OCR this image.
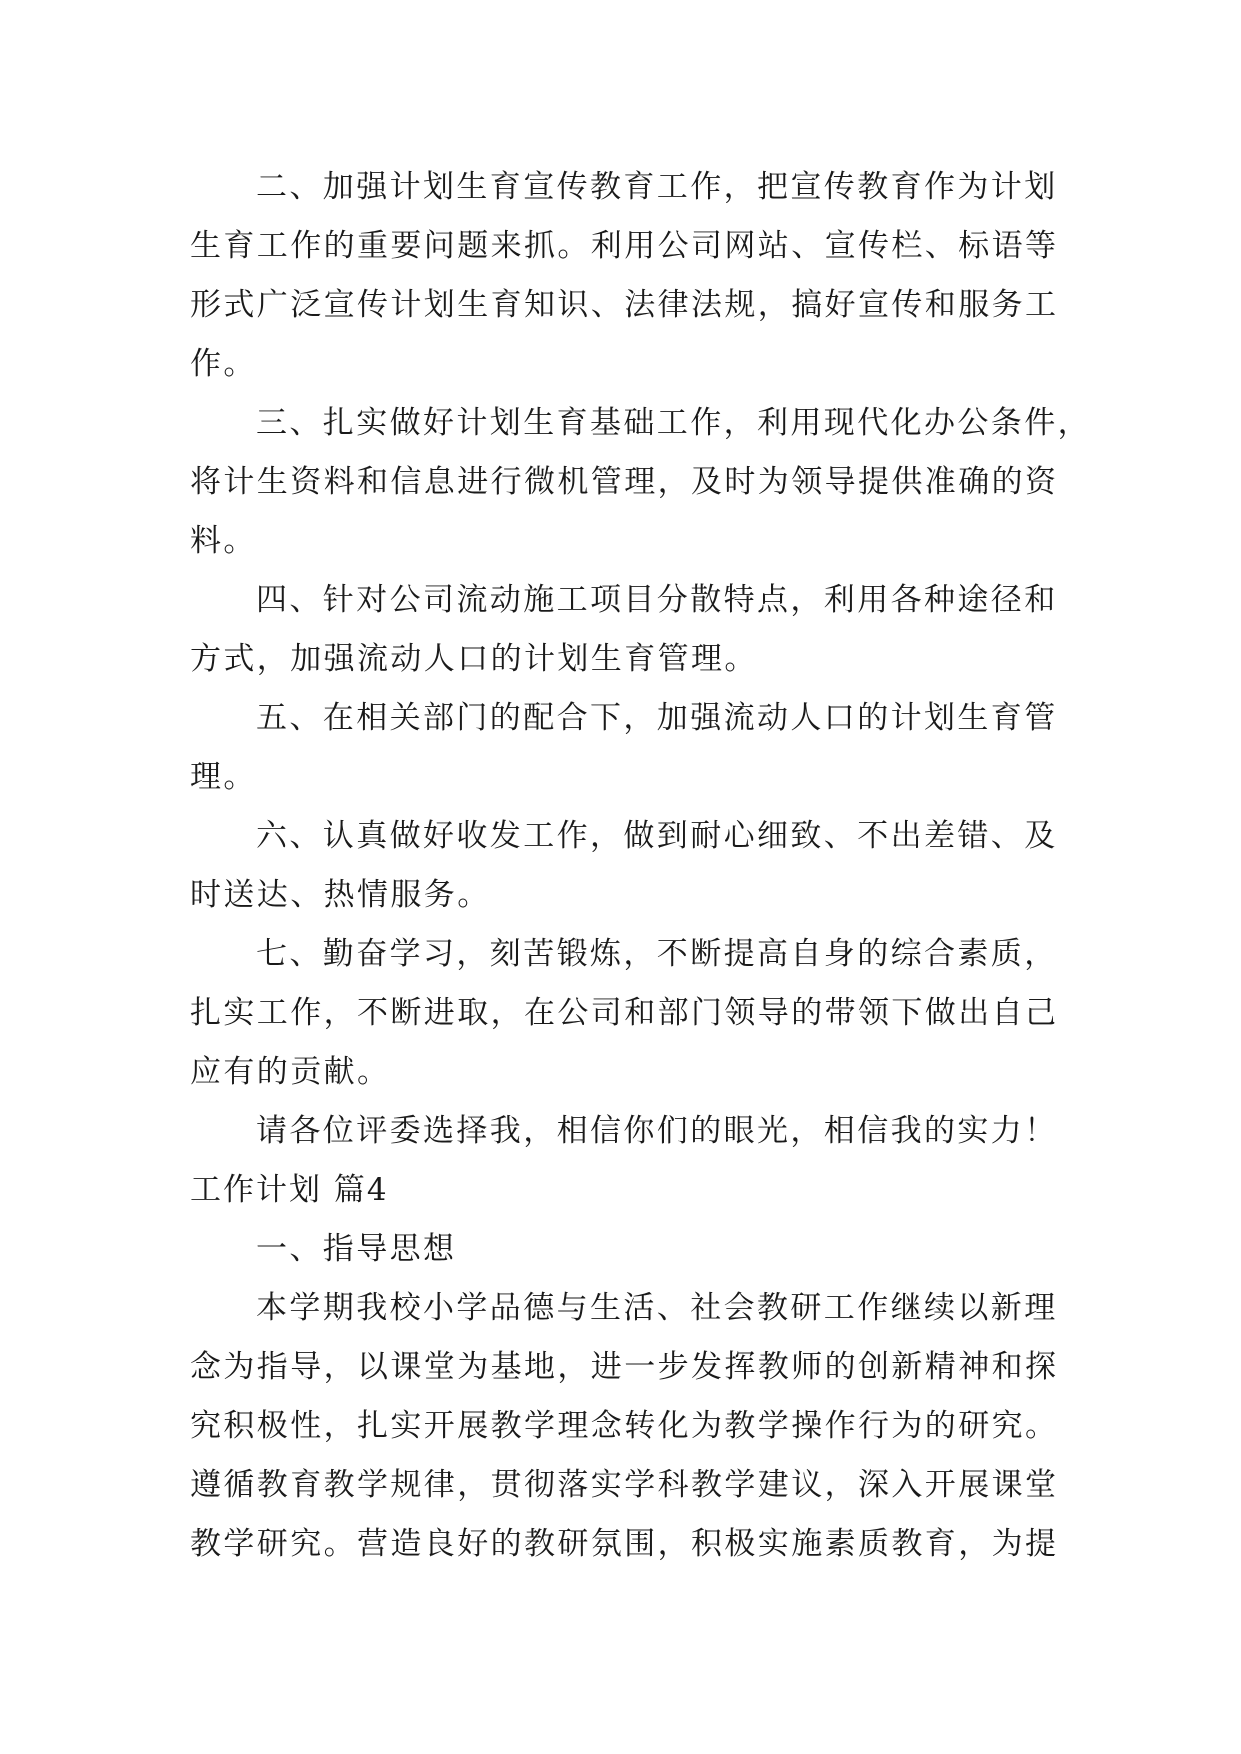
二、加强计划生育宣传教育工作，把宣传教育作为计划
生育工作的重要问题来抓。利用公司网站、宣传栏、标语等
形式广泛宣传计划生育知识、法律法规，搞好宣传和服务工
作。
三、扎实做好计划生育基础工作，利用现代化办公条件，
将计生资料和信息进行微机管理，及时为领导提供准确的资
料。
四、针对公司流动施工项目分散特点，利用各种途径和
方式，加强流动人口的计划生育管理。
五、在相关部门的配合下，加强流动人口的计划生育管
理。
六、认真做好收发工作，做到耐心细致、不出差错、及
时送达、热情服务。
七、勤奋学习，刻苦锻炼，不断提高自身的综合素质，
扎实工作，不断进取，在公司和部门领导的带领下做出自己
应有的贡献。
请各位评委选择我，相信你们的眼光，相信我的实力！
工作计划 篇4
一、指导思想
本学期我校小学品德与生活、社会教研工作继续以新理
念为指导，以课堂为基地，进一步发挥教师的创新精神和探
究积极性，扎实开展教学理念转化为教学操作行为的研究。
遵循教育教学规律，贯彻落实学科教学建议，深入开展课堂
教学研究。营造良好的教研氛围，积极实施素质教育，为提
